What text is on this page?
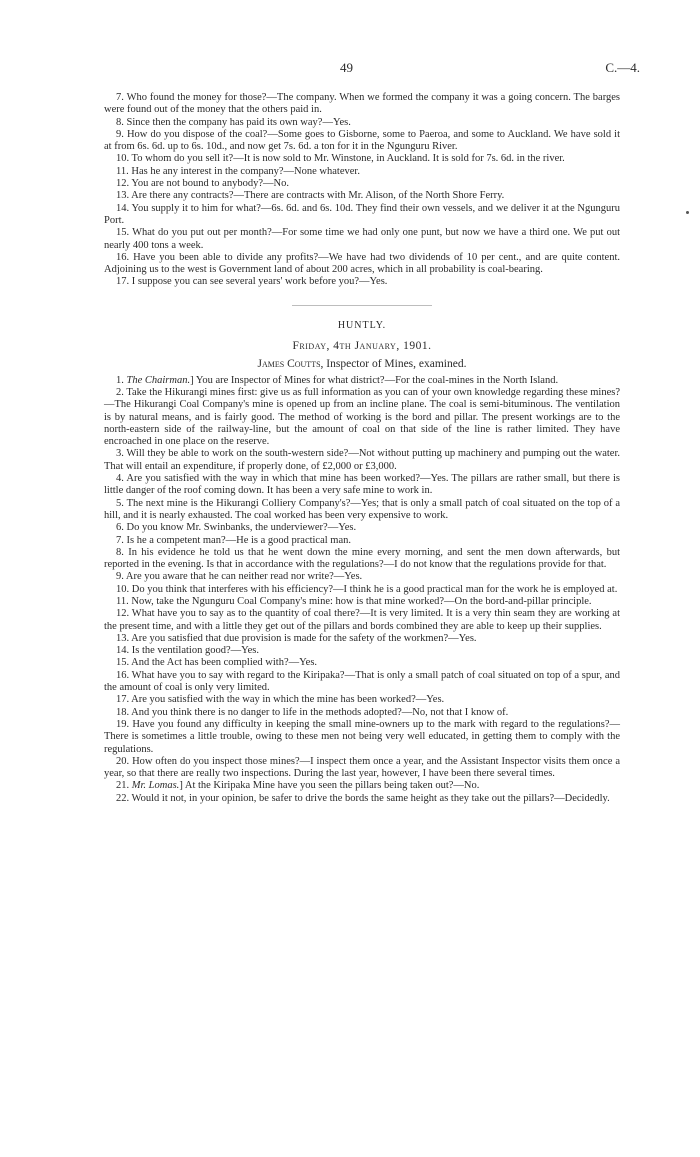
49	C.—4.

7. Who found the money for those?—The company. When we formed the company it was a going concern. The barges were found out of the money that the others paid in.

8. Since then the company has paid its own way?—Yes.

9. How do you dispose of the coal?—Some goes to Gisborne, some to Paeroa, and some to Auckland. We have sold it at from 6s. 6d. up to 6s. 10d., and now get 7s. 6d. a ton for it in the Ngunguru River.

10. To whom do you sell it?—It is now sold to Mr. Winstone, in Auckland. It is sold for 7s. 6d. in the river.

11. Has he any interest in the company?—None whatever.

12. You are not bound to anybody?—No.

13. Are there any contracts?—There are contracts with Mr. Alison, of the North Shore Ferry.

14. You supply it to him for what?—6s. 6d. and 6s. 10d. They find their own vessels, and we deliver it at the Ngunguru Port.

15. What do you put out per month?—For some time we had only one punt, but now we have a third one. We put out nearly 400 tons a week.

16. Have you been able to divide any profits?—We have had two dividends of 10 per cent., and are quite content. Adjoining us to the west is Government land of about 200 acres, which in all probability is coal-bearing.

17. I suppose you can see several years' work before you?—Yes.

HUNTLY.

Friday, 4th January, 1901.

James Coutts, Inspector of Mines, examined.

1. The Chairman.] You are Inspector of Mines for what district?—For the coal-mines in the North Island.

2. Take the Hikurangi mines first: give us as full information as you can of your own knowledge regarding these mines?—The Hikurangi Coal Company's mine is opened up from an incline plane. The coal is semi-bituminous. The ventilation is by natural means, and is fairly good. The method of working is the bord and pillar. The present workings are to the north-eastern side of the railway-line, but the amount of coal on that side of the line is rather limited. They have encroached in one place on the reserve.

3. Will they be able to work on the south-western side?—Not without putting up machinery and pumping out the water. That will entail an expenditure, if properly done, of £2,000 or £3,000.

4. Are you satisfied with the way in which that mine has been worked?—Yes. The pillars are rather small, but there is little danger of the roof coming down. It has been a very safe mine to work in.

5. The next mine is the Hikurangi Colliery Company's?—Yes; that is only a small patch of coal situated on the top of a hill, and it is nearly exhausted. The coal worked has been very expensive to work.

6. Do you know Mr. Swinbanks, the underviewer?—Yes.

7. Is he a competent man?—He is a good practical man.

8. In his evidence he told us that he went down the mine every morning, and sent the men down afterwards, but reported in the evening. Is that in accordance with the regulations?—I do not know that the regulations provide for that.

9. Are you aware that he can neither read nor write?—Yes.

10. Do you think that interferes with his efficiency?—I think he is a good practical man for the work he is employed at.

11. Now, take the Ngunguru Coal Company's mine: how is that mine worked?—On the bord-and-pillar principle.

12. What have you to say as to the quantity of coal there?—It is very limited. It is a very thin seam they are working at the present time, and with a little they get out of the pillars and bords combined they are able to keep up their supplies.

13. Are you satisfied that due provision is made for the safety of the workmen?—Yes.

14. Is the ventilation good?—Yes.

15. And the Act has been complied with?—Yes.

16. What have you to say with regard to the Kiripaka?—That is only a small patch of coal situated on top of a spur, and the amount of coal is only very limited.

17. Are you satisfied with the way in which the mine has been worked?—Yes.

18. And you think there is no danger to life in the methods adopted?—No, not that I know of.

19. Have you found any difficulty in keeping the small mine-owners up to the mark with regard to the regulations?—There is sometimes a little trouble, owing to these men not being very well educated, in getting them to comply with the regulations.

20. How often do you inspect those mines?—I inspect them once a year, and the Assistant Inspector visits them once a year, so that there are really two inspections. During the last year, however, I have been there several times.

21. Mr. Lomas.] At the Kiripaka Mine have you seen the pillars being taken out?—No.

22. Would it not, in your opinion, be safer to drive the bords the same height as they take out the pillars?—Decidedly.
